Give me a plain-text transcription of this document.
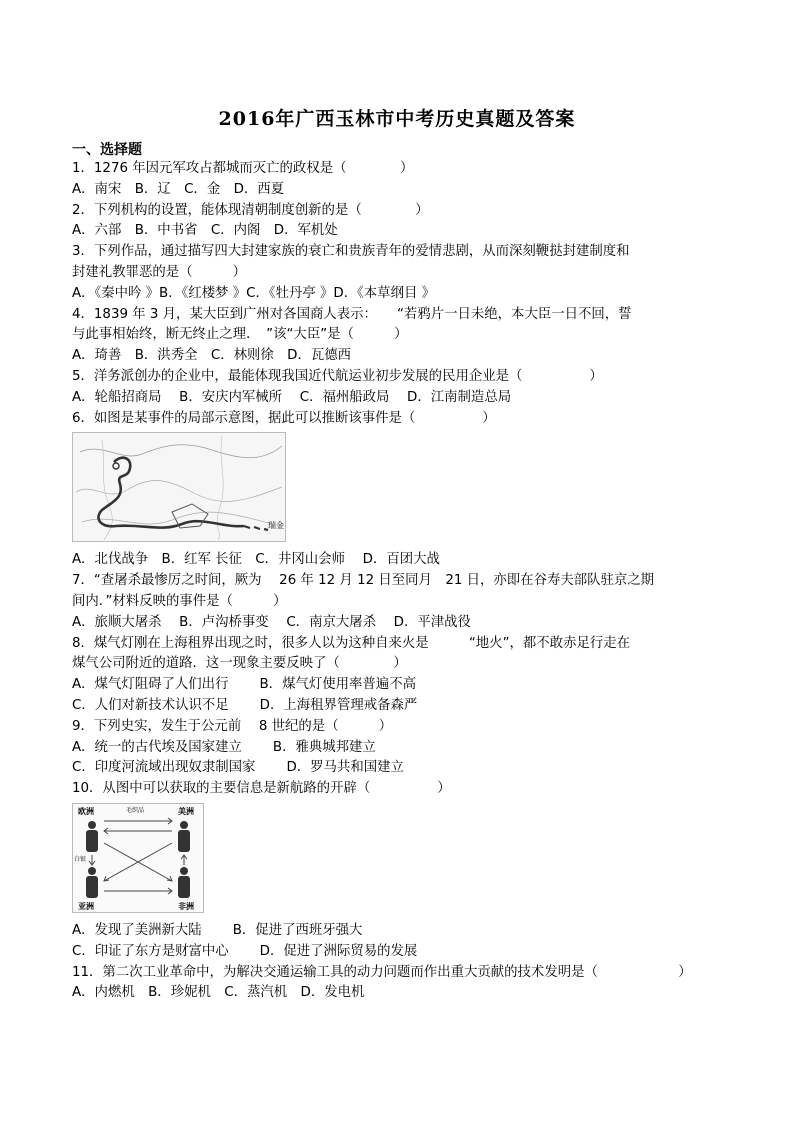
2016年广西玉林市中考历史真题及答案
一、选择题
1．1276 年因元军攻占都城而灭亡的政权是（　　　　）
A．南宋　B．辽　C．金　D．西夏
2．下列机构的设置，能体现清朝制度创新的是（　　　　）
A．六部　B．中书省　C．内阁　D．军机处
3．下列作品，通过描写四大封建家族的衰亡和贵族青年的爱情悲剧，从而深刻鞭挞封建制度和
封建礼教罪恶的是（　　　）
A．《秦中吟 》B．《红楼梦 》C．《牡丹亭 》D．《本草纲目 》
4．1839 年 3 月，某大臣到广州对各国商人表示：　　“若鸦片一日未绝，本大臣一日不回，誓
与此事相始终，断无终止之理．　”该“大臣”是（　　　）
A．琦善　B．洪秀全　C．林则徐　D．瓦德西
5．洋务派创办的企业中，最能体现我国近代航运业初步发展的民用企业是（　　　　　）
A．轮船招商局　 B．安庆内军械所　 C．福州船政局　 D．江南制造总局
6．如图是某事件的局部示意图，据此可以推断该事件是（　　　　　）
瑞金
A．北伐战争　B．红军 长征　C．井冈山会师　 D．百团大战
7．“查屠杀最惨厉之时间，厥为　 26 年 12 月 12 日至同月　21 日，亦即在谷寿夫部队驻京之期
间内．”材料反映的事件是（　　　）
A．旅顺大屠杀　 B．卢沟桥事变　 C．南京大屠杀　 D．平津战役
8．煤气灯刚在上海租界出现之时，很多人以为这种自来火是　　　“地火”，都不敢赤足行走在
煤气公司附近的道路．这一现象主要反映了（　　　　）
A．煤气灯阻碍了人们出行　　 B．煤气灯使用率普遍不高
C．人们对新技术认识不足　　 D．上海租界管理戒备森严
9．下列史实，发生于公元前　 8 世纪的是（　　　）
A．统一的古代埃及国家建立　　 B．雅典城邦建立
C．印度河流域出现奴隶制国家　　 D．罗马共和国建立
10．从图中可以获取的主要信息是新航路的开辟（　　　　　）
欧洲	美洲
亚洲	非洲
毛织品
白银
A．发现了美洲新大陆　　 B．促进了西班牙强大
C．印证了东方是财富中心　　 D．促进了洲际贸易的发展
11．第二次工业革命中，为解决交通运输工具的动力问题而作出重大贡献的技术发明是（　　　　　　）
A．内燃机　B．珍妮机　C．蒸汽机　D．发电机
